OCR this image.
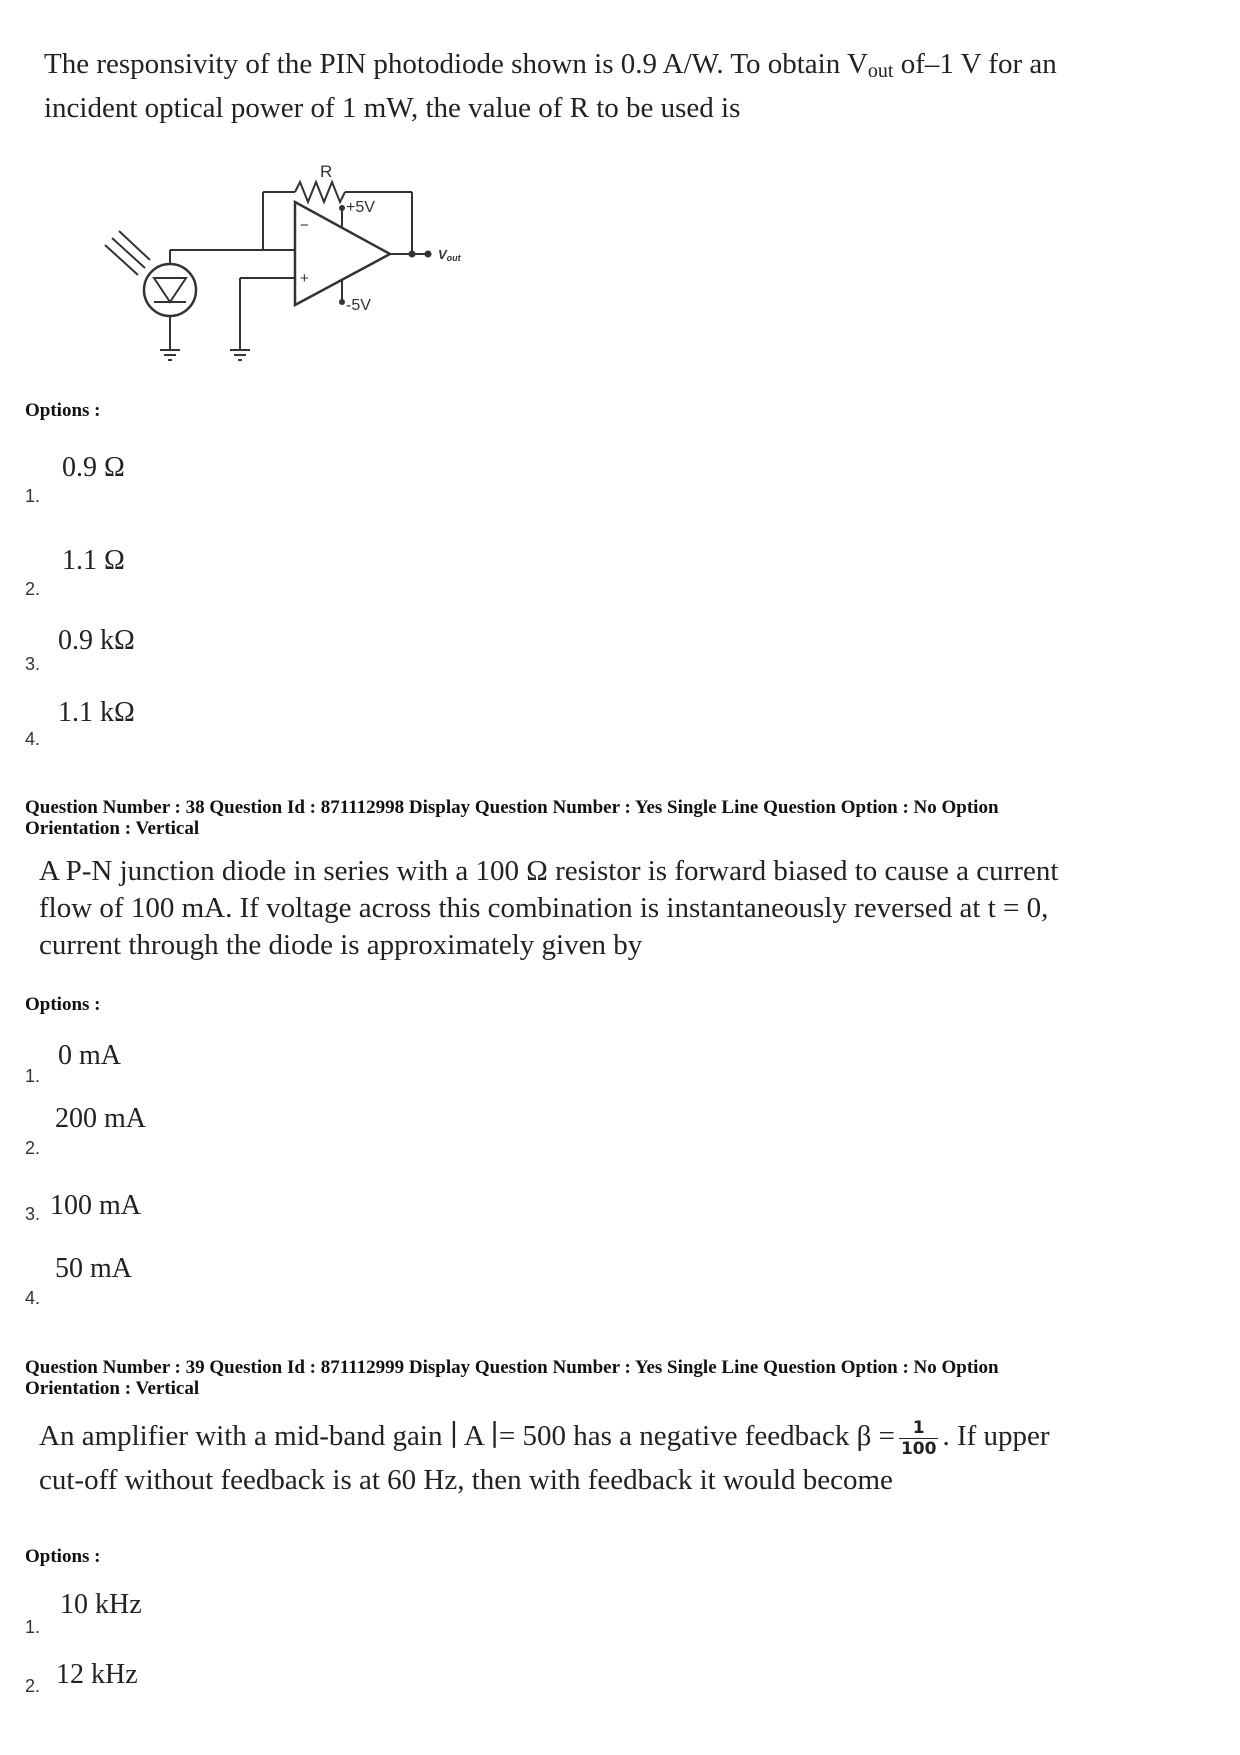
The responsivity of the PIN photodiode shown is 0.9 A/W. To obtain $V_{out}$ of–1 V for an
incident optical power of 1 mW, the value of R to be used is
R
+5V
-5V
−
+
Vout
Options :
0.9 Ω
1.
1.1 Ω
2.
0.9 kΩ
3.
1.1 kΩ
4.
Question Number : 38 Question Id : 871112998 Display Question Number : Yes Single Line Question Option : No Option
Orientation : Vertical
A P-N junction diode in series with a 100 Ω resistor is forward biased to cause a current
flow of 100 mA. If voltage across this combination is instantaneously reversed at t = 0,
current through the diode is approximately given by
Options :
0 mA
1.
200 mA
2.
100 mA
3.
50 mA
4.
Question Number : 39 Question Id : 871112999 Display Question Number : Yes Single Line Question Option : No Option
Orientation : Vertical
An amplifier with a mid-band gain ∣ A ∣= 500 has a negative feedback $\beta = \frac{1}{100}$ . If upper
cut-off without feedback is at 60 Hz, then with feedback it would become
Options :
10 kHz
1.
12 kHz
2.
